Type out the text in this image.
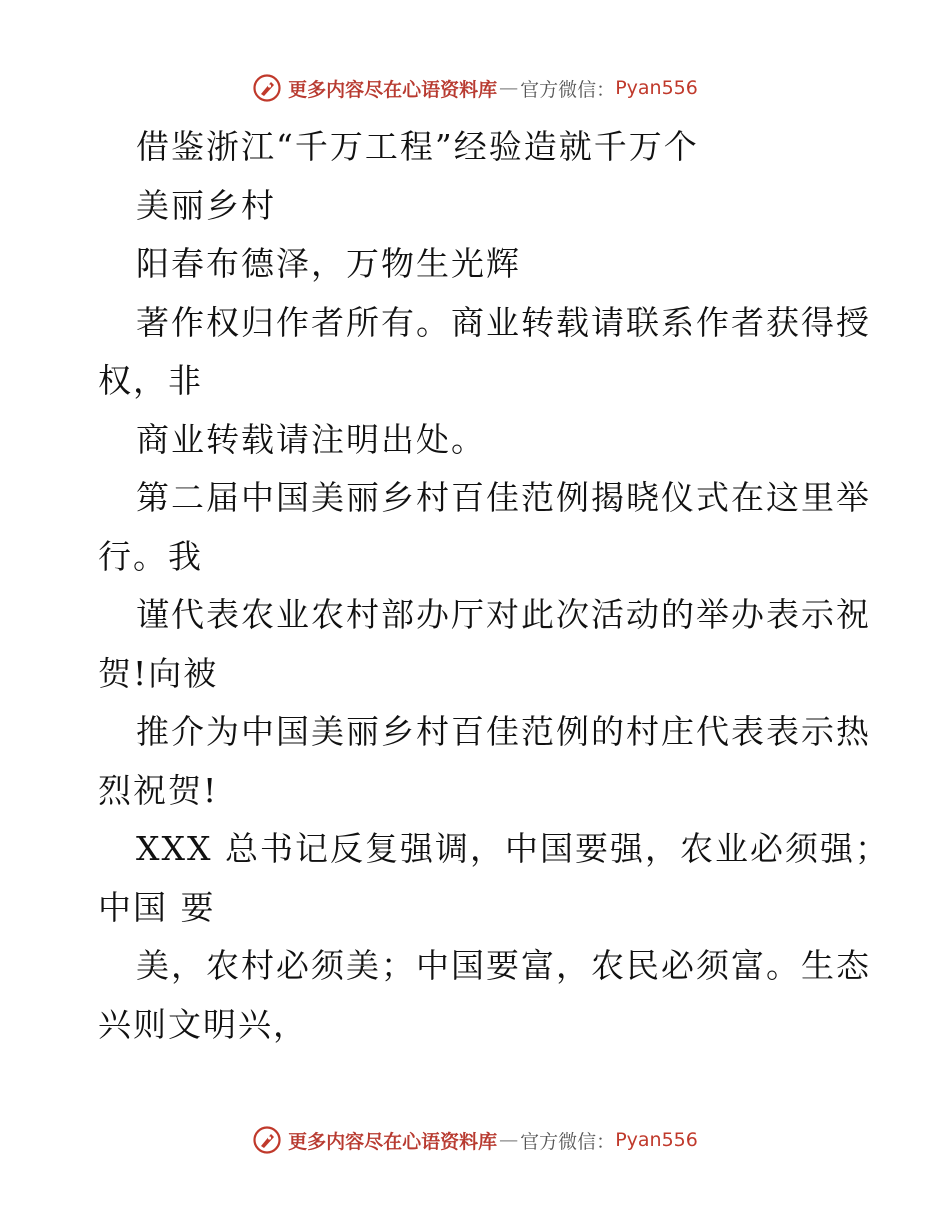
更多内容尽在心语资料库 — 官方微信： Pyan556
借鉴浙江“千万工程”经验造就千万个
美丽乡村
阳春布德泽，万物生光辉
著作权归作者所有。商业转载请联系作者获得授
权，非
商业转载请注明出处。
第二届中国美丽乡村百佳范例揭晓仪式在这里举
行。我
谨代表农业农村部办厅对此次活动的举办表示祝
贺!向被
推介为中国美丽乡村百佳范例的村庄代表表示热
烈祝贺!
XXX 总书记反复强调，中国要强，农业必须强；
中国 要
美，农村必须美；中国要富，农民必须富。生态
兴则文明兴，
更多内容尽在心语资料库 — 官方微信： Pyan556
